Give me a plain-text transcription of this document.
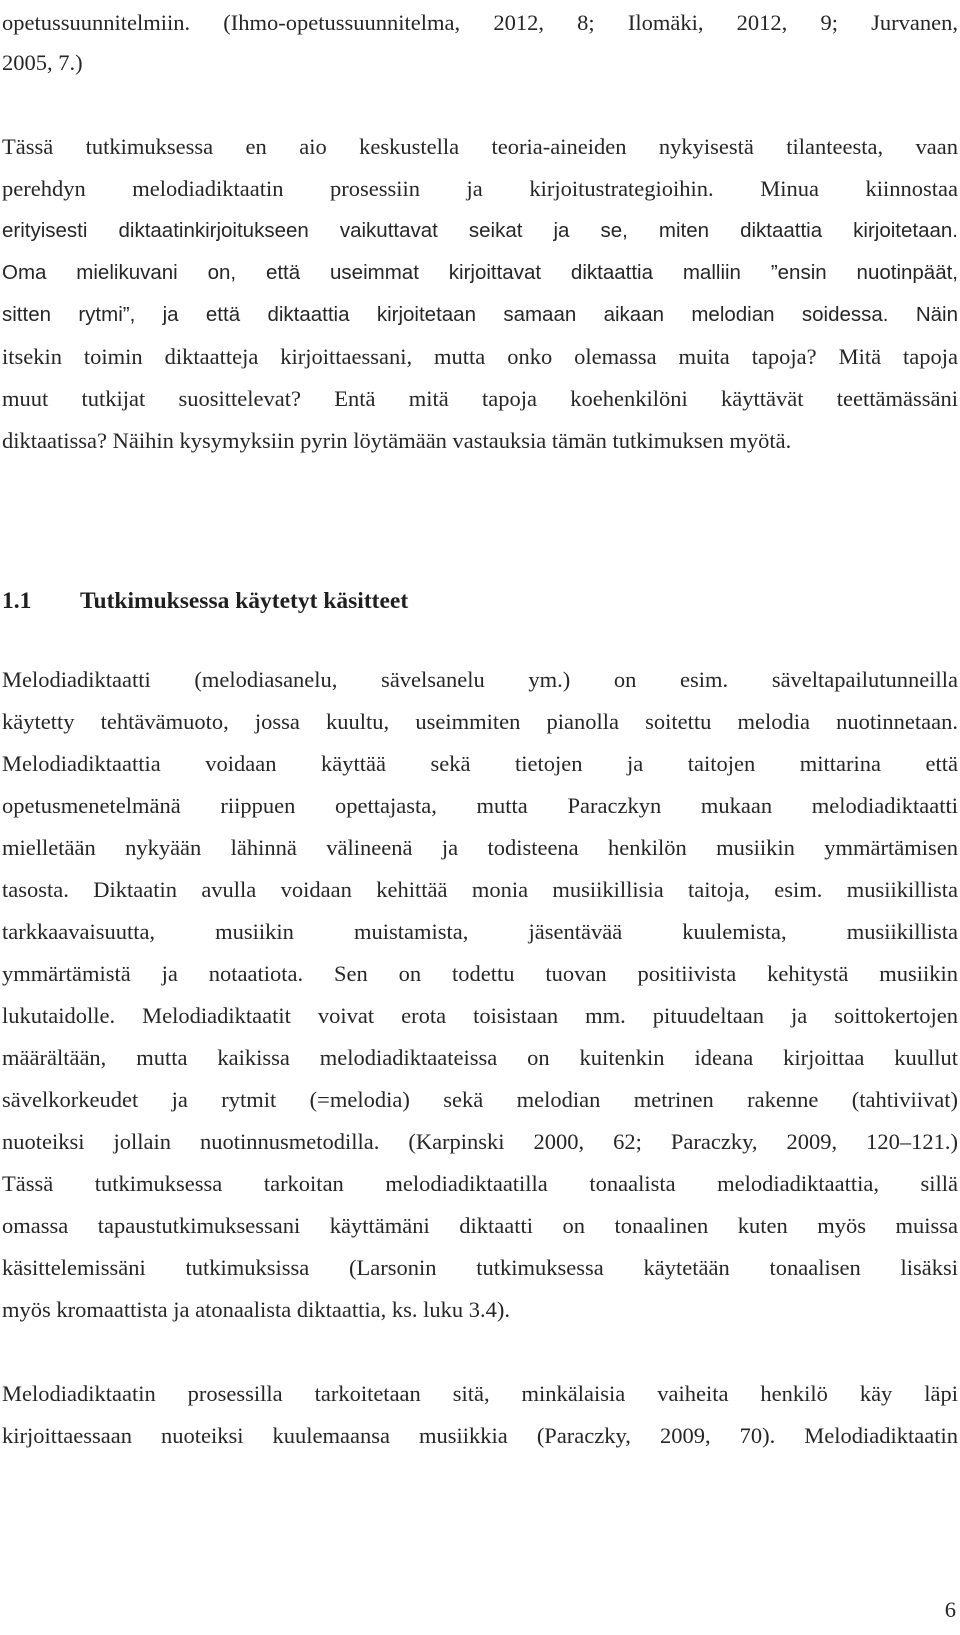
opetussuunnitelmiin. (Ihmo-opetussuunnitelma, 2012, 8; Ilomäki, 2012, 9; Jurvanen,
2005, 7.)
Tässä tutkimuksessa en aio keskustella teoria-aineiden nykyisestä tilanteesta, vaan
perehdyn melodiadiktaatin prosessiin ja kirjoitustrategioihin. Minua kiinnostaa
erityisesti diktaatinkirjoitukseen vaikuttavat seikat ja se, miten diktaattia kirjoitetaan.
Oma mielikuvani on, että useimmat kirjoittavat diktaattia malliin ”ensin nuotinpäät,
sitten rytmi”, ja että diktaattia kirjoitetaan samaan aikaan melodian soidessa. Näin
itsekin toimin diktaatteja kirjoittaessani, mutta onko olemassa muita tapoja? Mitä tapoja
muut tutkijat suosittelevat? Entä mitä tapoja koehenkilöni käyttävät teettämässäni
diktaatissa? Näihin kysymyksiin pyrin löytämään vastauksia tämän tutkimuksen myötä.
1.1 Tutkimuksessa käytetyt käsitteet
Melodiadiktaatti (melodiasanelu, sävelsanelu ym.) on esim. säveltapailutunneilla
käytetty tehtävämuoto, jossa kuultu, useimmiten pianolla soitettu melodia nuotinnetaan.
Melodiadiktaattia voidaan käyttää sekä tietojen ja taitojen mittarina että
opetusmenetelmänä riippuen opettajasta, mutta Paraczkyn mukaan melodiadiktaatti
mielletään nykyään lähinnä välineenä ja todisteena henkilön musiikin ymmärtämisen
tasosta. Diktaatin avulla voidaan kehittää monia musiikillisia taitoja, esim. musiikillista
tarkkaavaisuutta, musiikin muistamista, jäsentävää kuulemista, musiikillista
ymmärtämistä ja notaatiota. Sen on todettu tuovan positiivista kehitystä musiikin
lukutaidolle. Melodiadiktaatit voivat erota toisistaan mm. pituudeltaan ja soittokertojen
määrältään, mutta kaikissa melodiadiktaateissa on kuitenkin ideana kirjoittaa kuullut
sävelkorkeudet ja rytmit (=melodia) sekä melodian metrinen rakenne (tahtiviivat)
nuoteiksi jollain nuotinnusmetodilla. (Karpinski 2000, 62; Paraczky, 2009, 120–121.)
Tässä tutkimuksessa tarkoitan melodiadiktaatilla tonaalista melodiadiktaattia, sillä
omassa tapaustutkimuksessani käyttämäni diktaatti on tonaalinen kuten myös muissa
käsittelemissäni tutkimuksissa (Larsonin tutkimuksessa käytetään tonaalisen lisäksi
myös kromaattista ja atonaalista diktaattia, ks. luku 3.4).
Melodiadiktaatin prosessilla tarkoitetaan sitä, minkälaisia vaiheita henkilö käy läpi
kirjoittaessaan nuoteiksi kuulemaansa musiikkia (Paraczky, 2009, 70). Melodiadiktaatin
6
